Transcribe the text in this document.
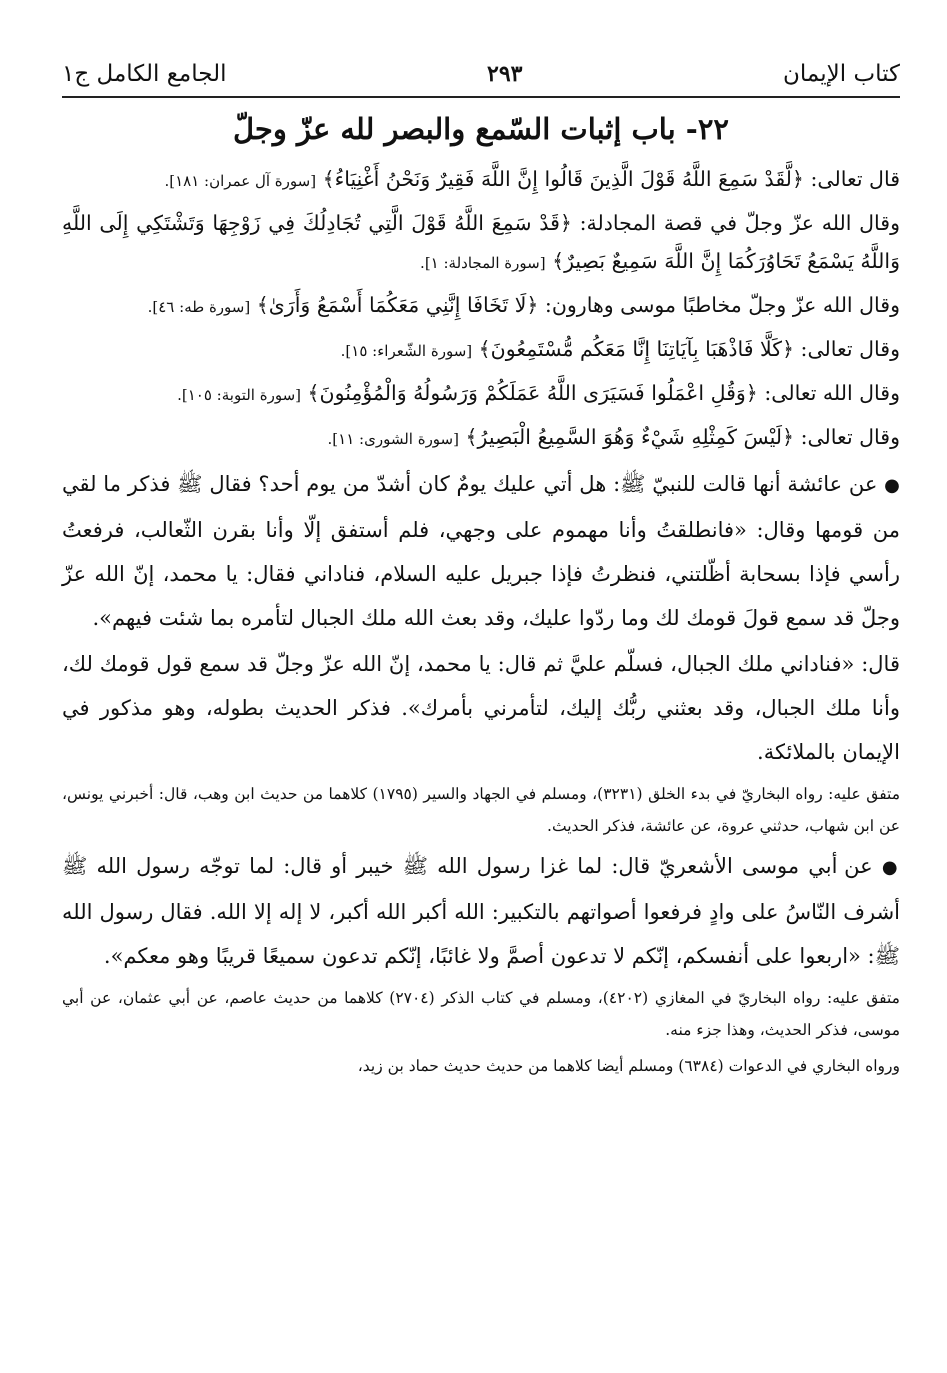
كتاب الإيمان
٢٩٣
الجامع الكامل ج١
٢٢- باب إثبات السّمع والبصر لله عزّ وجلّ

قال تعالى: ﴿لَّقَدْ سَمِعَ اللَّهُ قَوْلَ الَّذِينَ قَالُوا إِنَّ اللَّهَ فَقِيرٌ وَنَحْنُ أَغْنِيَاءُ﴾ [سورة آل عمران: ١٨١].

وقال الله عزّ وجلّ في قصة المجادلة: ﴿قَدْ سَمِعَ اللَّهُ قَوْلَ الَّتِي تُجَادِلُكَ فِي زَوْجِهَا وَتَشْتَكِي إِلَى اللَّهِ وَاللَّهُ يَسْمَعُ تَحَاوُرَكُمَا إِنَّ اللَّهَ سَمِيعٌ بَصِيرٌ﴾ [سورة المجادلة: ١].

وقال الله عزّ وجلّ مخاطبًا موسى وهارون: ﴿لَا تَخَافَا إِنَّنِي مَعَكُمَا أَسْمَعُ وَأَرَىٰ﴾ [سورة طه: ٤٦].

وقال تعالى: ﴿كَلَّا فَاذْهَبَا بِآيَاتِنَا إِنَّا مَعَكُم مُّسْتَمِعُونَ﴾ [سورة الشّعراء: ١٥].

وقال الله تعالى: ﴿وَقُلِ اعْمَلُوا فَسَيَرَى اللَّهُ عَمَلَكُمْ وَرَسُولُهُ وَالْمُؤْمِنُونَ﴾ [سورة التوبة: ١٠٥].

وقال تعالى: ﴿لَيْسَ كَمِثْلِهِ شَيْءٌ وَهُوَ السَّمِيعُ الْبَصِيرُ﴾ [سورة الشورى: ١١].

● عن عائشة أنها قالت للنبيّ ﷺ: هل أتي عليك يومٌ كان أشدّ من يوم أحد؟ فقال ﷺ فذكر ما لقي من قومها وقال: «فانطلقتُ وأنا مهموم على وجهي، فلم أستفق إلّا وأنا بقرن الثّعالب، فرفعتُ رأسي فإذا بسحابة أظّلتني، فنظرتُ فإذا جبريل عليه السلام، فناداني فقال: يا محمد، إنّ الله عزّ وجلّ قد سمع قولَ قومك لك وما ردّوا عليك، وقد بعث الله ملك الجبال لتأمره بما شئت فيهم».

قال: «فناداني ملك الجبال، فسلّم عليَّ ثم قال: يا محمد، إنّ الله عزّ وجلّ قد سمع قول قومك لك، وأنا ملك الجبال، وقد بعثني ربُّك إليك، لتأمرني بأمرك». فذكر الحديث بطوله، وهو مذكور في الإيمان بالملائكة.

متفق عليه: رواه البخاريّ في بدء الخلق (٣٢٣١)، ومسلم في الجهاد والسير (١٧٩٥) كلاهما من حديث ابن وهب، قال: أخبرني يونس، عن ابن شهاب، حدثني عروة، عن عائشة، فذكر الحديث.

● عن أبي موسى الأشعريّ قال: لما غزا رسول الله ﷺ خيبر أو قال: لما توجّه رسول الله ﷺ أشرف النّاسُ على وادٍ فرفعوا أصواتهم بالتكبير: الله أكبر الله أكبر، لا إله إلا الله. فقال رسول الله ﷺ: «اربعوا على أنفسكم، إنّكم لا تدعون أصمَّ ولا غائبًا، إنّكم تدعون سميعًا قريبًا وهو معكم».

متفق عليه: رواه البخاريّ في المغازي (٤٢٠٢)، ومسلم في كتاب الذكر (٢٧٠٤) كلاهما من حديث عاصم، عن أبي عثمان، عن أبي موسى، فذكر الحديث، وهذا جزء منه.

ورواه البخاري في الدعوات (٦٣٨٤) ومسلم أيضا كلاهما من حديث حديث حماد بن زيد،
